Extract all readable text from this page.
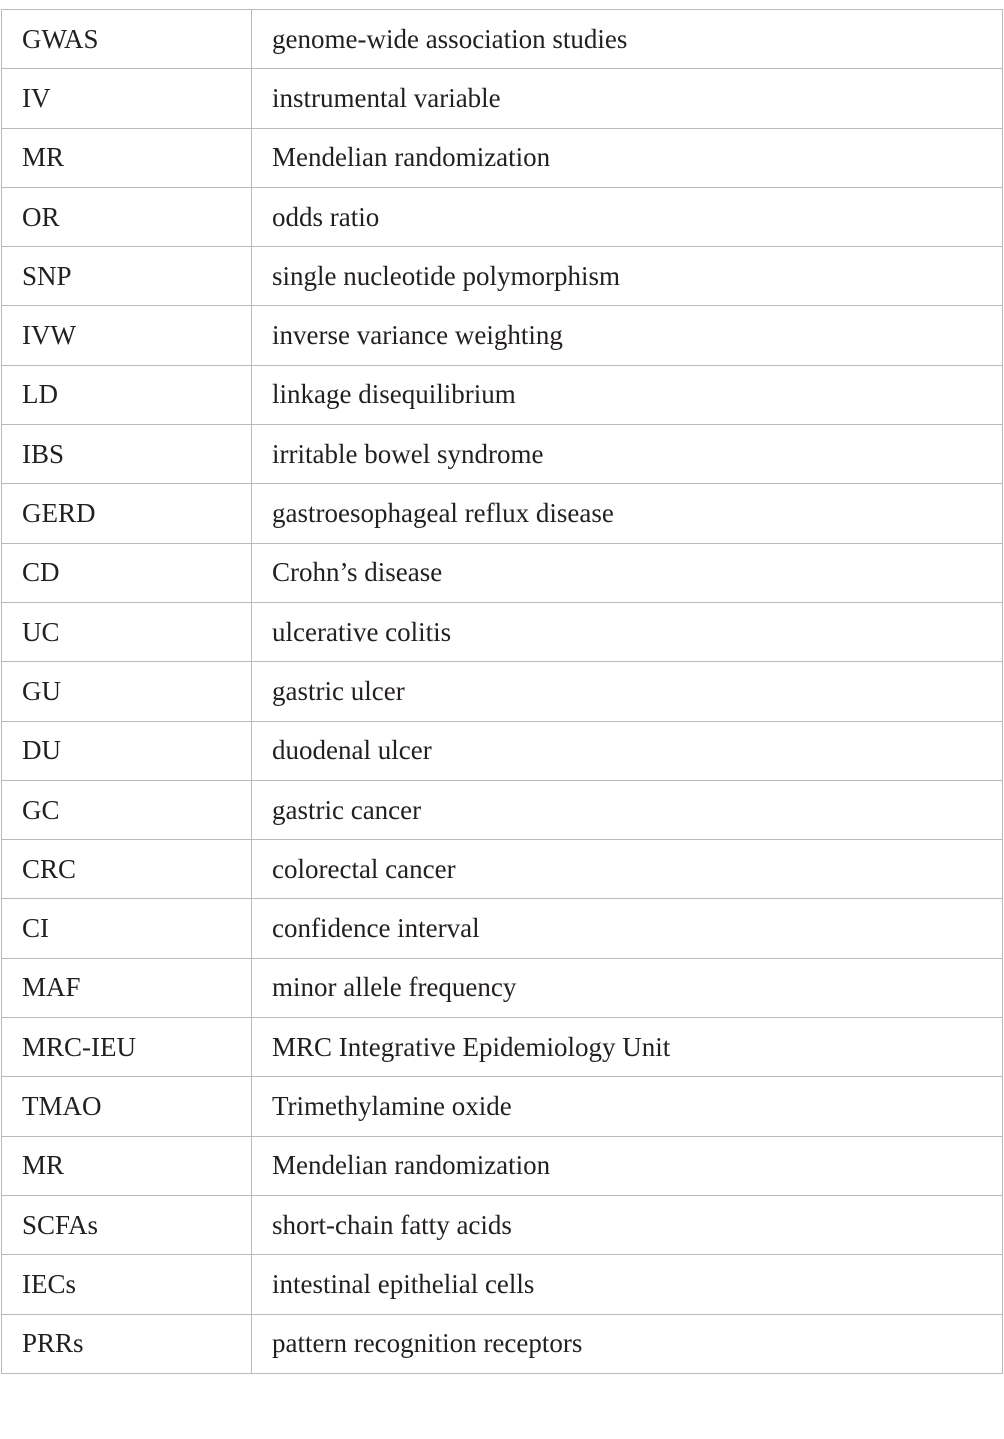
GWAS	genome-wide association studies
IV	instrumental variable
MR	Mendelian randomization
OR	odds ratio
SNP	single nucleotide polymorphism
IVW	inverse variance weighting
LD	linkage disequilibrium
IBS	irritable bowel syndrome
GERD	gastroesophageal reflux disease
CD	Crohn’s disease
UC	ulcerative colitis
GU	gastric ulcer
DU	duodenal ulcer
GC	gastric cancer
CRC	colorectal cancer
CI	confidence interval
MAF	minor allele frequency
MRC-IEU	MRC Integrative Epidemiology Unit
TMAO	Trimethylamine oxide
MR	Mendelian randomization
SCFAs	short-chain fatty acids
IECs	intestinal epithelial cells
PRRs	pattern recognition receptors
